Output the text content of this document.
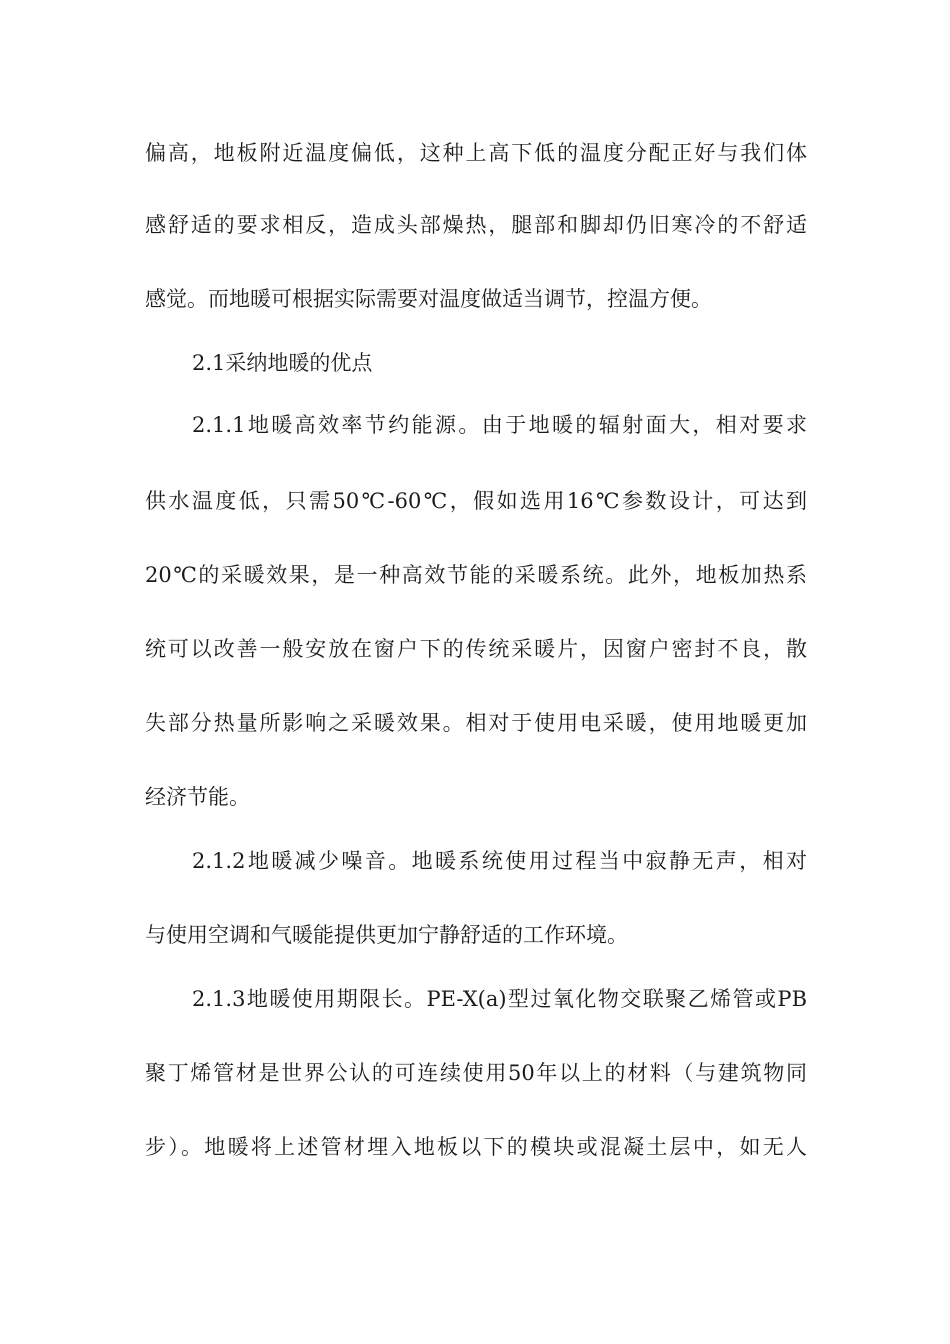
偏高，地板附近温度偏低，这种上高下低的温度分配正好与我们体
感舒适的要求相反，造成头部燥热，腿部和脚却仍旧寒冷的不舒适
感觉。而地暖可根据实际需要对温度做适当调节，控温方便。
2.1采纳地暖的优点
2.1.1地暖高效率节约能源。由于地暖的辐射面大，相对要求
供水温度低，只需50℃-60℃，假如选用16℃参数设计，可达到
20℃的采暖效果，是一种高效节能的采暖系统。此外，地板加热系
统可以改善一般安放在窗户下的传统采暖片，因窗户密封不良，散
失部分热量所影响之采暖效果。相对于使用电采暖，使用地暖更加
经济节能。
2.1.2地暖减少噪音。地暖系统使用过程当中寂静无声，相对
与使用空调和气暖能提供更加宁静舒适的工作环境。
2.1.3地暖使用期限长。PE-X(a)型过氧化物交联聚乙烯管或PB
聚丁烯管材是世界公认的可连续使用50年以上的材料（与建筑物同
步）。地暖将上述管材埋入地板以下的模块或混凝土层中，如无人
